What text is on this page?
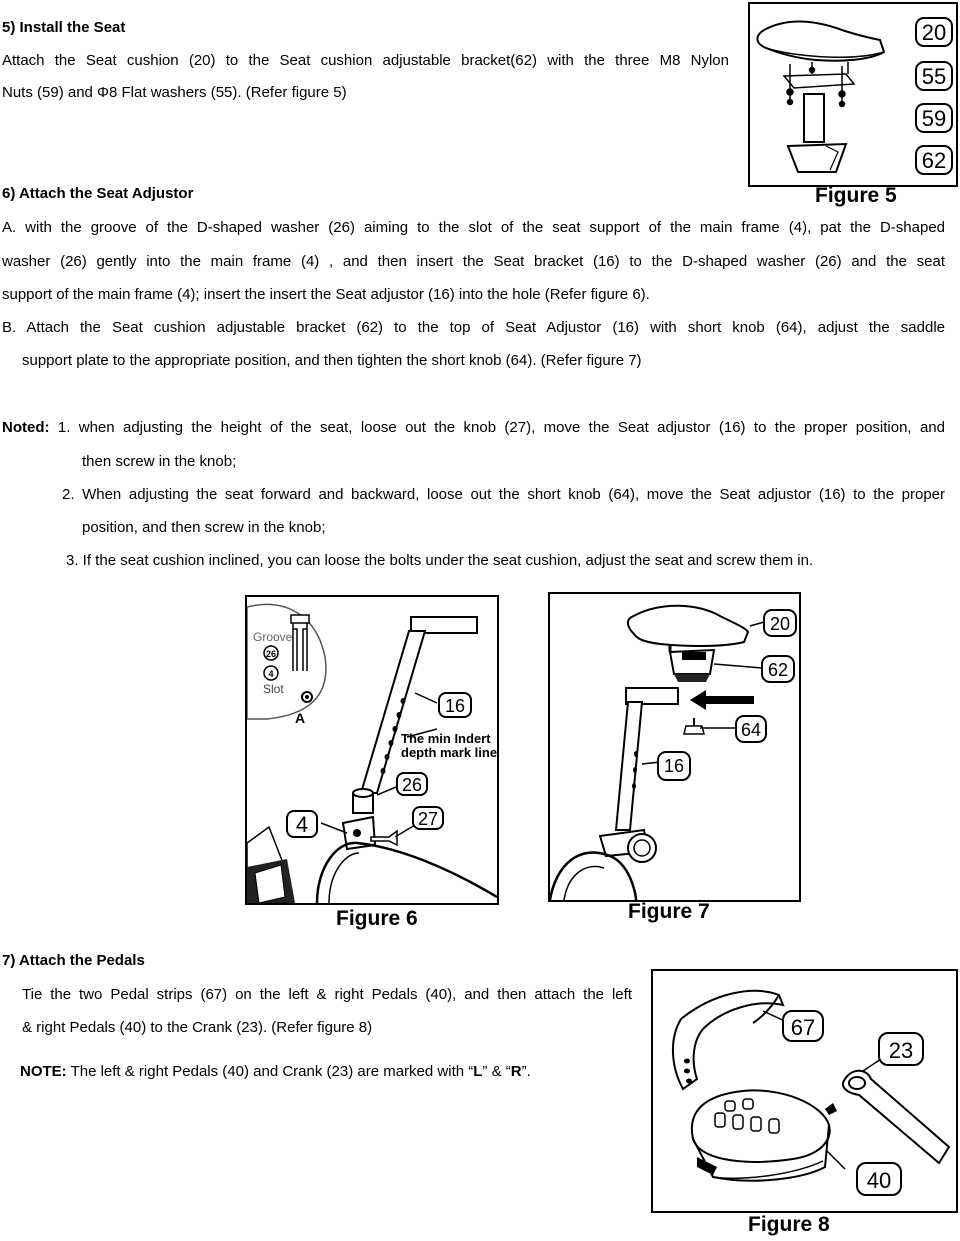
5) Install the Seat
Attach the Seat cushion (20) to the Seat cushion adjustable bracket(62) with the three M8 Nylon
Nuts (59) and Φ8 Flat washers (55). (Refer figure 5)
6) Attach the Seat Adjustor
A. with the groove of the D-shaped washer (26) aiming to the slot of the seat support of the main frame (4), pat the D-shaped
washer (26) gently into the main frame (4) , and then insert the Seat bracket (16) to the D-shaped washer (26) and the seat
support of the main frame (4); insert the insert the Seat adjustor (16) into the hole (Refer figure 6).
B. Attach the Seat cushion adjustable bracket (62) to the top of Seat Adjustor (16) with short knob (64), adjust the saddle
support plate to the appropriate position, and then tighten the short knob (64). (Refer figure 7)
Noted: 1. when adjusting the height of the seat, loose out the knob (27), move the Seat adjustor (16) to the proper position, and
then screw in the knob;
2. When adjusting the seat forward and backward, loose out the short knob (64), move the Seat adjustor (16) to the proper
position, and then screw in the knob;
3. If the seat cushion inclined, you can loose the bolts under the seat cushion, adjust the seat and screw them in.
7) Attach the Pedals
Tie the two Pedal strips (67) on the left & right Pedals (40), and then attach the left
& right Pedals (40) to the Crank (23). (Refer figure 8)
NOTE: The left & right Pedals (40) and Crank (23) are marked with “L” & “R”.
20
55
59
62
Figure 5
Groove
26
4
Slot
A
16
26
27
4
The min Indert
depth mark line
Figure 6
20
62
64
16
Figure 7
67
23
40
Figure 8
